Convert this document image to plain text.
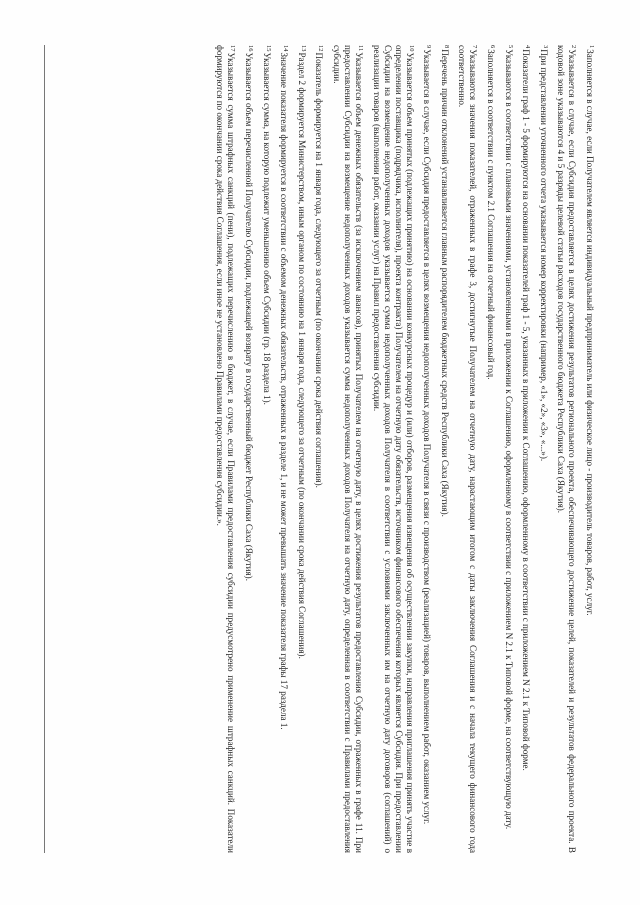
$^1$Заполняется в случае, если Получателем является индивидуальный предприниматель или физическое лицо - производитель товаров, работ, услуг.

$^2$Указывается в случае, если Субсидия предоставляется в целях достижения результатов регионального проекта, обеспечивающего достижение целей, показателей и результатов федерального проекта. В кодовой зоне указываются 4 и 5 разряды целевой статьи расходов государственного бюджета Республики Саха (Якутия).

$^3$При представлении уточненного отчета указывается номер корректировки (например, «1», «2», «3», «...»).

$^4$Показатели граф 1 - 5 формируются на основании показателей граф 1 - 5, указанных в приложении к Соглашению, оформленному в соответствии с приложением N 2.1 к Типовой форме.

$^5$Указываются в соответствии с плановыми значениями, установленными в приложении к Соглашению, оформленному в соответствии с приложением N 2.1 к Типовой форме, на соответствующую дату.

$^6$Заполняется в соответствии с пунктом 2.1 Соглашения на отчетный финансовый год.

$^7$Указываются значения показателей, отраженных в графе 3, достигнутые Получателем на отчетную дату, нарастающим итогом с даты заключения Соглашения и с начала текущего финансового года соответственно.

$^8$Перечень причин отклонений устанавливается главным распорядителем бюджетных средств Республики Саха (Якутия).

$^9$Указывается в случае, если Субсидия предоставляется в целях возмещения недополученных доходов Получателя в связи с производством (реализацией) товаров, выполнением работ, оказанием услуг.

$^{10}$Указывается объем принятых (подлежащих принятию) на основании конкурсных процедур и (или) отборов, размещения извещения об осуществлении закупки, направления приглашения принять участие в определении поставщика (подрядчика, исполнителя), проекта контракта) Получателем на отчетную дату обязательств, источником финансового обеспечения которых является Субсидия. При предоставлении Субсидии на возмещение недополученных доходов указывается сумма недополученных доходов Получателя в соответствии с условиями заключенных им на отчетную дату договоров (соглашений) о реализации товаров (выполнении работ, оказании услуг) на Правил предоставления субсидии.

$^{11}$Указывается объем денежных обязательств (за исключением авансов), принятых Получателем на отчетную дату, в целях достижения результатов предоставления Субсидии, отраженных в графе 11. При предоставлении Субсидии на возмещение недополученных доходов указывается сумма недополученных доходов Получателя на отчетную дату, определенная в соответствии с Правилами предоставления субсидии.

$^{12}$Показатель формируется на 1 января года, следующего за отчетным (по окончании срока действия соглашения).

$^{13}$Раздел 2 формируется Министерством, иным органом по состоянию на 1 января года, следующего за отчетным (по окончании срока действия Соглашения).

$^{14}$Значение показателя формируется в соответствии с объемом денежных обязательств, отраженных в разделе 1, и не может превышать значение показателя графы 17 раздела 1.

$^{15}$Указывается сумма, на которую подлежит уменьшению объем Субсидии (гр. 18 раздела 1).

$^{16}$Указывается объем перечисленной Получателю Субсидии, подлежащей возврату в государственный бюджет Республики Саха (Якутия).

$^{17}$Указывается сумма штрафных санкций (пени), подлежащих перечислению в бюджет, в случае, если Правилами предоставления субсидии предусмотрено применение штрафных санкций. Показатели формируются по окончании срока действия Соглашения, если иное не установлено Правилами предоставления субсидии.».
